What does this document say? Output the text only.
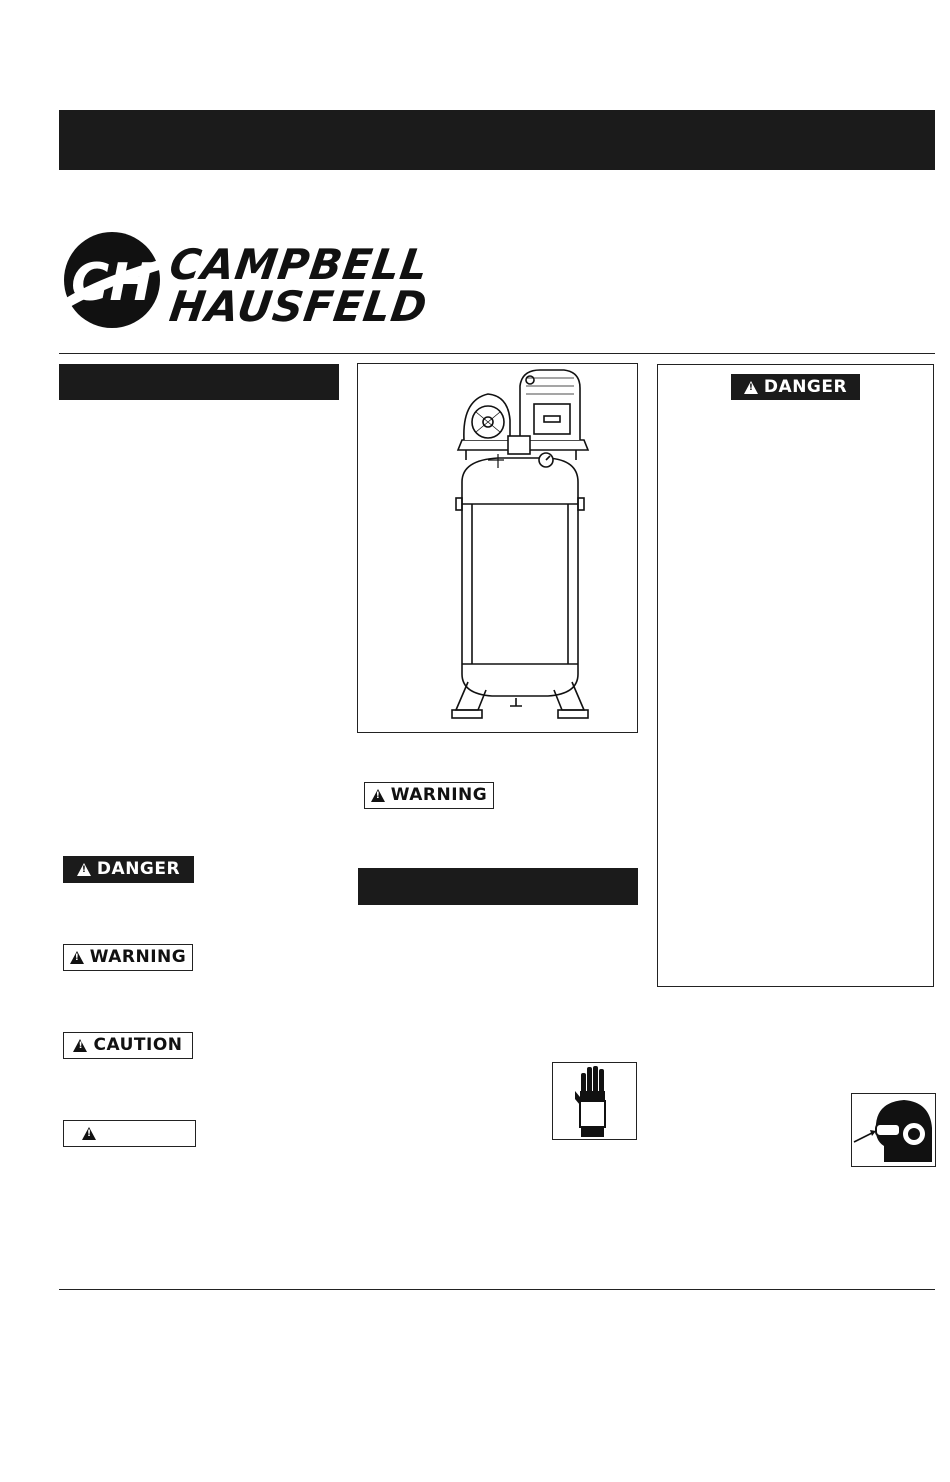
CH CAMPBELL
HAUSFELD
!
DANGER
!
WARNING
!
DANGER
!
WARNING
!
CAUTION
!
